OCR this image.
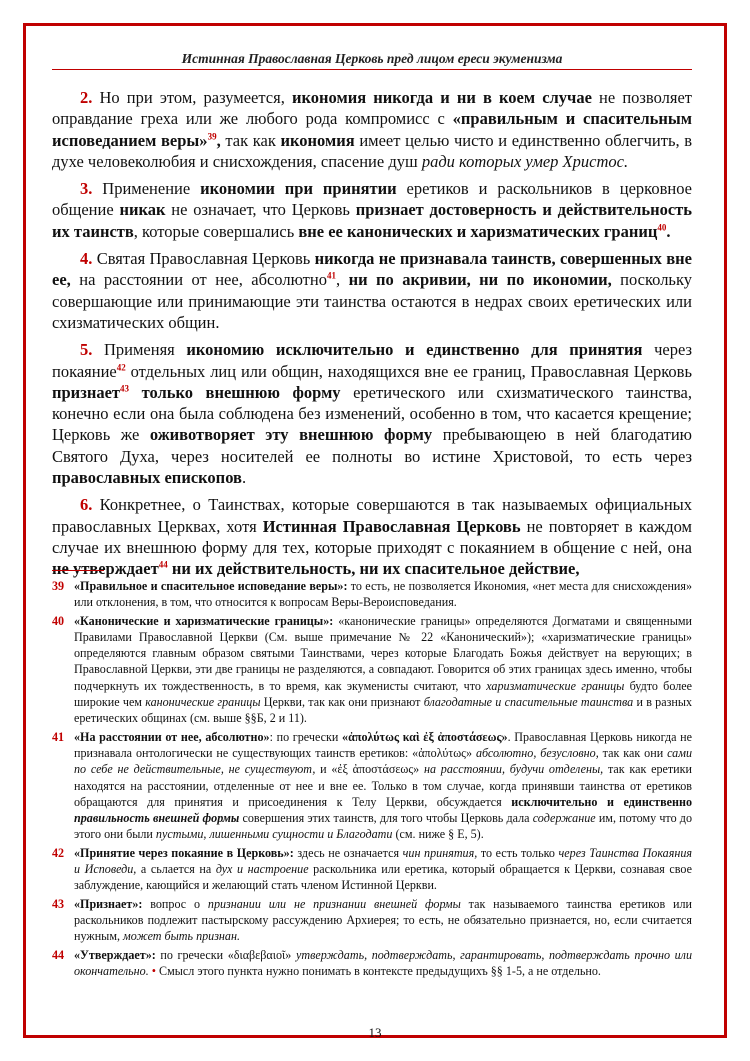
Истинная Православная Церковь пред лицом ереси экуменизма

2. Но при этом, разумеется, икономия никогда и ни в коем случае не позволяет оправдание греха или же любого рода компромисс с «правильным и спасительным исповеданием веры»$^{39}$, так как икономия имеет целью чисто и единственно облегчить, в духе человеколюбия и снисхождения, спасение душ ради которых умер Христос.

3. Применение икономии при принятии еретиков и раскольников в церковное общение никак не означает, что Церковь признает достоверность и действительность их таинств, которые совершались вне ее канонических и харизматических границ$^{40}$.

4. Святая Православная Церковь никогда не признавала таинств, совершенных вне ее, на расстоянии от нее, абсолютно$^{41}$, ни по акривии, ни по икономии, поскольку совершающие или принимающие эти таинства остаются в недрах своих еретических или схизматических общин.

5. Применяя икономию исключительно и единственно для принятия через покаяние$^{42}$ отдельных лиц или общин, находящихся вне ее границ, Православная Церковь признает$^{43}$ только внешнюю форму еретического или схизматического таинства, конечно если она была соблюдена без изменений, особенно в том, что касается крещение; Церковь же оживотворяет эту внешнюю форму пребывающею в ней благодатию Святого Духа, через носителей ее полноты во истине Христовой, то есть через православных епископов.

6. Конкретнее, о Таинствах, которые совершаются в так называемых официальных православных Церквах, хотя Истинная Православная Церковь не повторяет в каждом случае их внешнюю форму для тех, которые приходят с покаянием в общение с ней, она не утверждает$^{44}$ ни их действительность, ни их спасительное действие,

39 «Правильное и спасительное исповедание веры»: то есть, не позволяется Икономия, «нет места для снисхождения» или отклонения, в том, что относится к вопросам Веры-Вероисповедания.
40 «Канонические и харизматические границы»: «канонические границы» определяются Догматами и священными Правилами Православной Церкви (См. выше примечание № 22 «Канонический»); «харизматические границы» определяются главным образом святыми Таинствами, через которые Благодать Божья действует на верующих; в Православной Церкви, эти две границы не разделяются, а совпадают. Говорится об этих границах здесь именно, чтобы подчеркнуть их тождественность, в то время, как экуменисты считают, что харизматические границы будто более широкие чем канонические границы Церкви, так как они признают благодатные и спасительные таинства и в разных еретических общинах (см. выше §§Б, 2 и 11).
41 «На расстоянии от нее, абсолютно»: по гречески «ἀπολύτως καὶ ἐξ ἀποστάσεως». Православная Церковь никогда не признавала онтологически не существующих таинств еретиков: «ἀπολύτως» абсолютно, безусловно, так как они сами по себе не действительные, не существуют, и «ἐξ ἀποστάσεως» на расстоянии, будучи отделены, так как еретики находятся на расстоянии, отделенные от нее и вне ее. Только в том случае, когда принявши таинства от еретиков обращаются для принятия и присоединения к Телу Церкви, обсуждается исключительно и единственно правильность внешней формы совершения этих таинств, для того чтобы Церковь дала содержание им, потому что до этого они были пустыми, лишенными сущности и Благодати (см. ниже § Е, 5).
42 «Принятие через покаяние в Церковь»: здесь не означается чин принятия, то есть только через Таинства Покаяния и Исповеди, а сьлается на дух и настроение раскольника или еретика, который обращается к Церкви, сознавая свое заблуждение, кающийся и желающий стать членом Истинной Церкви.
43 «Признает»: вопрос о признании или не признании внешней формы так называемого таинства еретиков или раскольников подлежит пастырскому рассуждению Архиерея; то есть, не обязательно признается, но, если считается нужным, может быть признан.
44 «Утверждает»: по гречески «διαβεβαιοῖ» утверждать, подтверждать, гарантировать, подтверждать прочно или окончательно. • Смысл этого пункта нужно понимать в контексте предыдущихъ §§ 1-5, а не отдельно.
13
